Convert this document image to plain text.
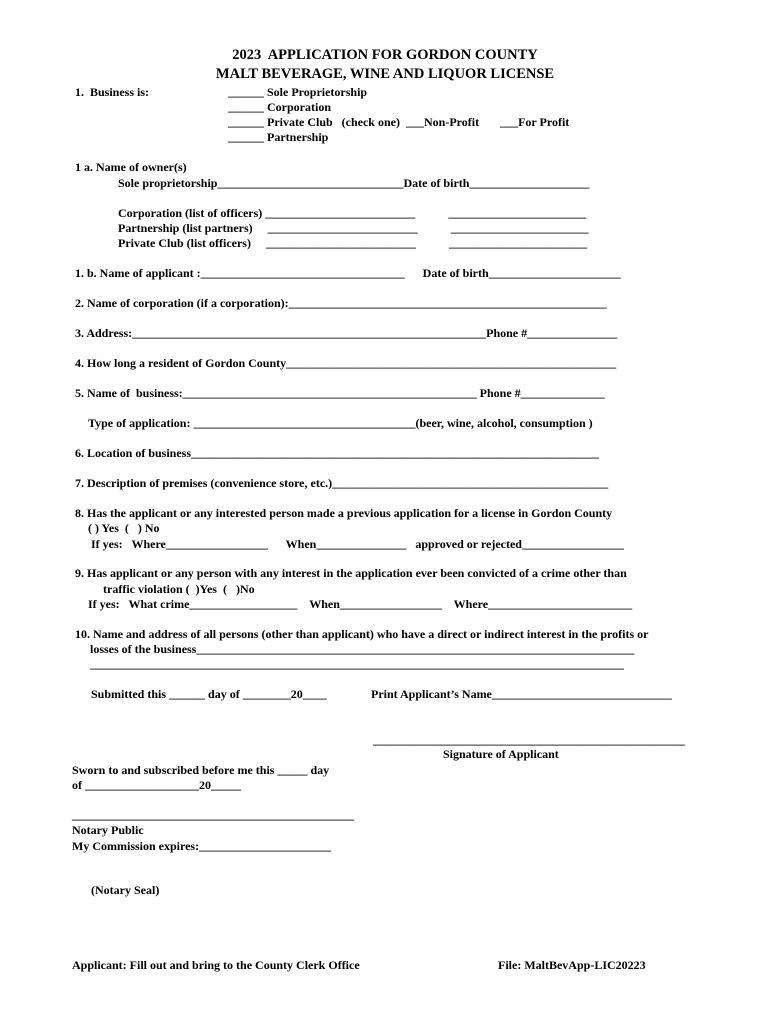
2023  APPLICATION FOR GORDON COUNTY
MALT BEVERAGE, WINE AND LIQUOR LICENSE
1.  Business is:	______ Sole Proprietorship
______ Corporation
______ Private Club   (check one)  ___Non-Profit       ___For Profit
______ Partnership
1 a. Name of owner(s)
Sole proprietorship_______________________________Date of birth____________________
Corporation (list of officers) _________________________           _______________________
Partnership (list partners)     _________________________           _______________________
Private Club (list officers)     _________________________           _______________________
1. b. Name of applicant :__________________________________      Date of birth______________________
2. Name of corporation (if a corporation):_____________________________________________________
3. Address:___________________________________________________________Phone #_______________
4. How long a resident of Gordon County_______________________________________________________
5. Name of  business:_________________________________________________ Phone #______________
Type of application: _____________________________________(beer, wine, alcohol, consumption )
6. Location of business____________________________________________________________________
7. Description of premises (convenience store, etc.)______________________________________________
8. Has the applicant or any interested person made a previous application for a license in Gordon County
( ) Yes  (   ) No
If yes:   Where_________________      When_______________   approved or rejected_________________
9. Has applicant or any person with any interest in the application ever been convicted of a crime other than
traffic violation (  )Yes  (   )No
If yes:   What crime__________________    When_________________    Where________________________
10. Name and address of all persons (other than applicant) who have a direct or indirect interest in the profits or
losses of the business_________________________________________________________________________
_________________________________________________________________________________________
Submitted this ______ day of ________20____	Print Applicant’s Name______________________________
____________________________________________________
Signature of Applicant
Sworn to and subscribed before me this _____ day
of ___________________20_____
_______________________________________________
Notary Public
My Commission expires:______________________
(Notary Seal)
Applicant: Fill out and bring to the County Clerk Office	File: MaltBevApp-LIC20223
